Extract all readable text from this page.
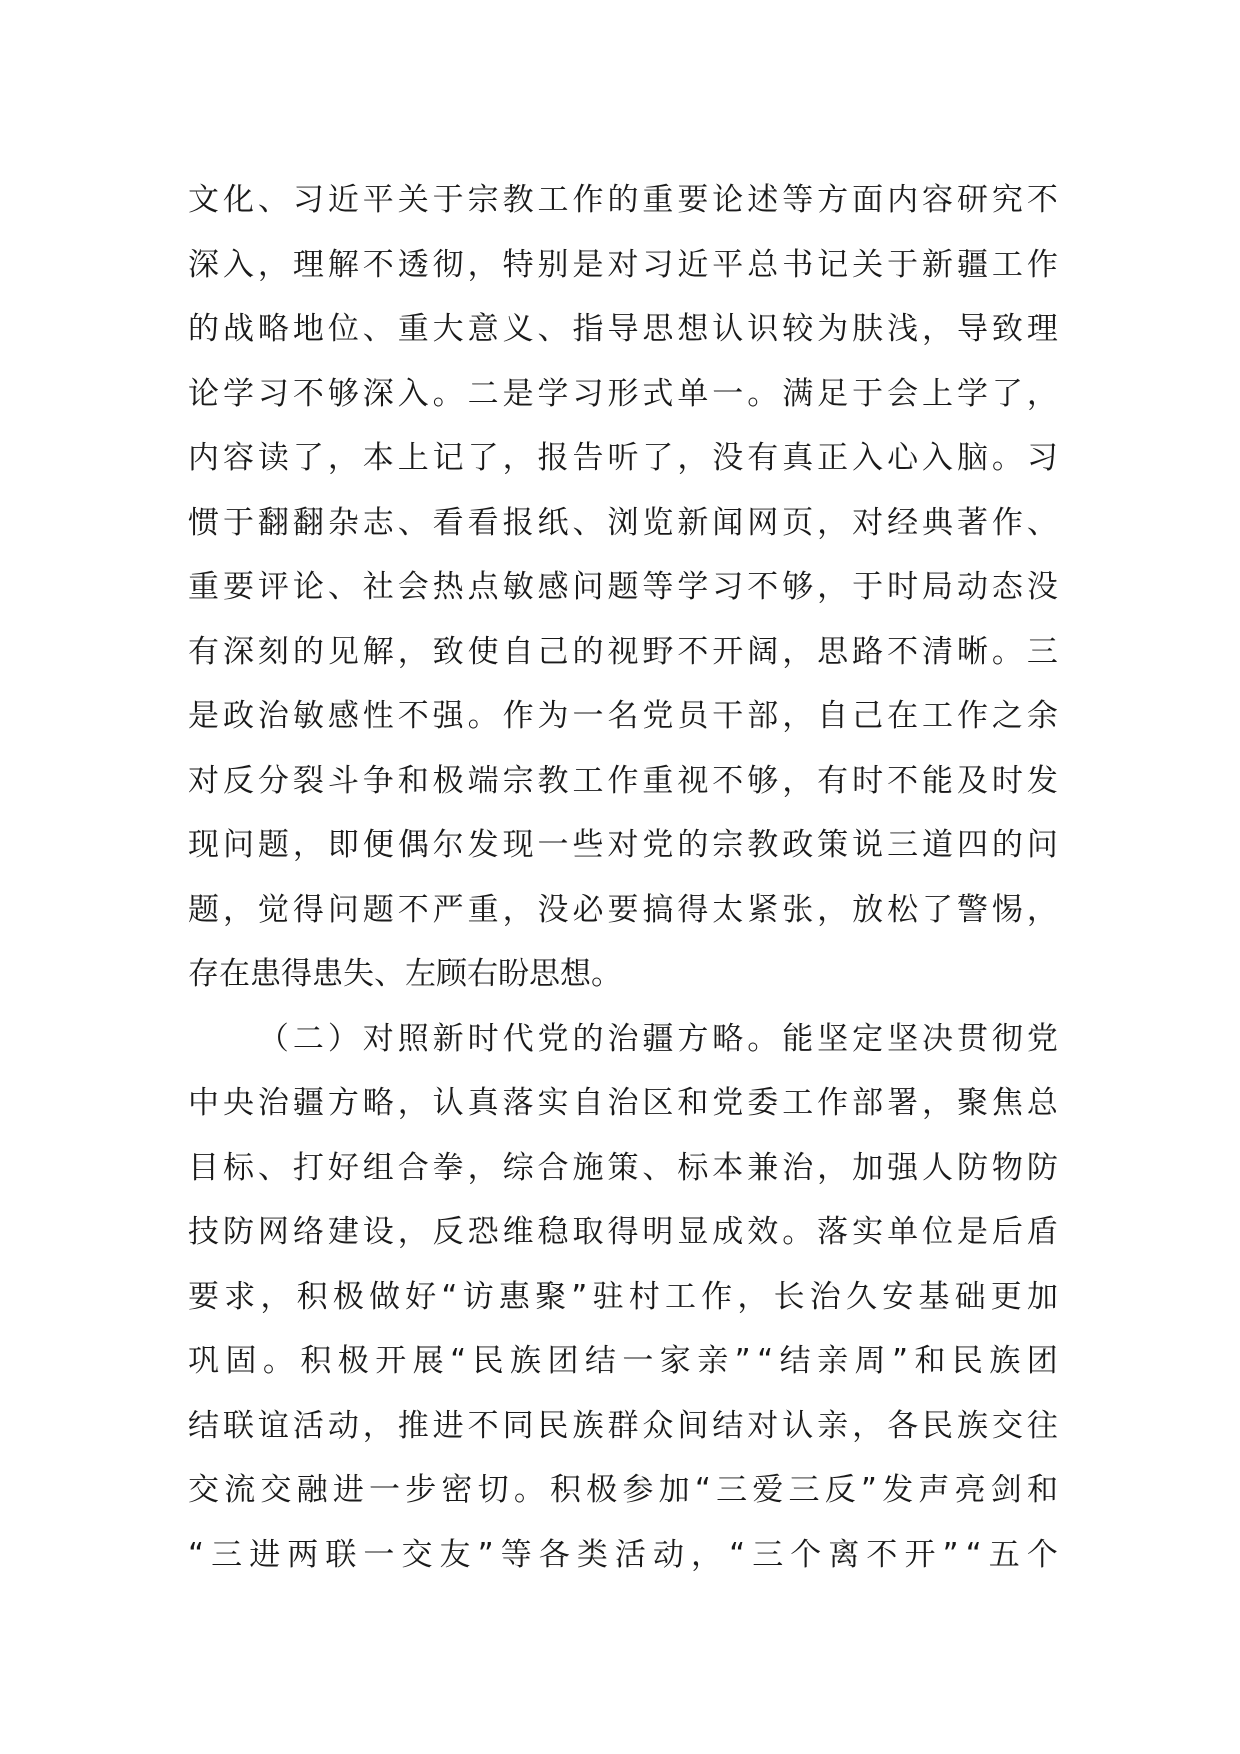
文 化 、 习 近 平 关 于 宗 教 工 作 的 重 要 论 述 等 方 面 内 容 研 究 不
深 入 ， 理 解 不 透 彻 ， 特 别 是 对 习 近 平 总 书 记 关 于 新 疆 工 作
的 战 略 地 位 、 重 大 意 义 、 指 导 思 想 认 识 较 为 肤 浅 ， 导 致 理
论 学 习 不 够 深 入 。 二 是 学 习 形 式 单 一 。 满 足 于 会 上 学 了 ，
内 容 读 了 ， 本 上 记 了 ， 报 告 听 了 ， 没 有 真 正 入 心 入 脑 。 习
惯 于 翻 翻 杂 志 、 看 看 报 纸 、 浏 览 新 闻 网 页 ， 对 经 典 著 作 、
重 要 评 论 、 社 会 热 点 敏 感 问 题 等 学 习 不 够 ， 于 时 局 动 态 没
有 深 刻 的 见 解 ， 致 使 自 己 的 视 野 不 开 阔 ， 思 路 不 清 晰 。 三
是 政 治 敏 感 性 不 强 。 作 为 一 名 党 员 干 部 ， 自 己 在 工 作 之 余
对 反 分 裂 斗 争 和 极 端 宗 教 工 作 重 视 不 够 ， 有 时 不 能 及 时 发
现 问 题 ， 即 便 偶 尔 发 现 一 些 对 党 的 宗 教 政 策 说 三 道 四 的 问
题 ， 觉 得 问 题 不 严 重 ， 没 必 要 搞 得 太 紧 张 ， 放 松 了 警 惕 ，
存在患得患失、左顾右盼思想。

（ 二 ） 对 照 新 时 代 党 的 治 疆 方 略 。 能 坚 定 坚 决 贯 彻 党
中 央 治 疆 方 略 ， 认 真 落 实 自 治 区 和 党 委 工 作 部 署 ， 聚 焦 总
目 标 、 打 好 组 合 拳 ， 综 合 施 策 、 标 本 兼 治 ， 加 强 人 防 物 防
技 防 网 络 建 设 ， 反 恐 维 稳 取 得 明 显 成 效 。 落 实 单 位 是 后 盾
要 求 ， 积 极 做 好 “ 访 惠 聚 ” 驻 村 工 作 ， 长 治 久 安 基 础 更 加
巩 固 。 积 极 开 展 “ 民 族 团 结 一 家 亲 ” “ 结 亲 周 ” 和 民 族 团
结 联 谊 活 动 ， 推 进 不 同 民 族 群 众 间 结 对 认 亲 ， 各 民 族 交 往
交 流 交 融 进 一 步 密 切 。 积 极 参 加 “ 三 爱 三 反 ” 发 声 亮 剑 和
“ 三 进 两 联 一 交 友 ” 等 各 类 活 动 ， “ 三 个 离 不 开 ” “ 五 个
